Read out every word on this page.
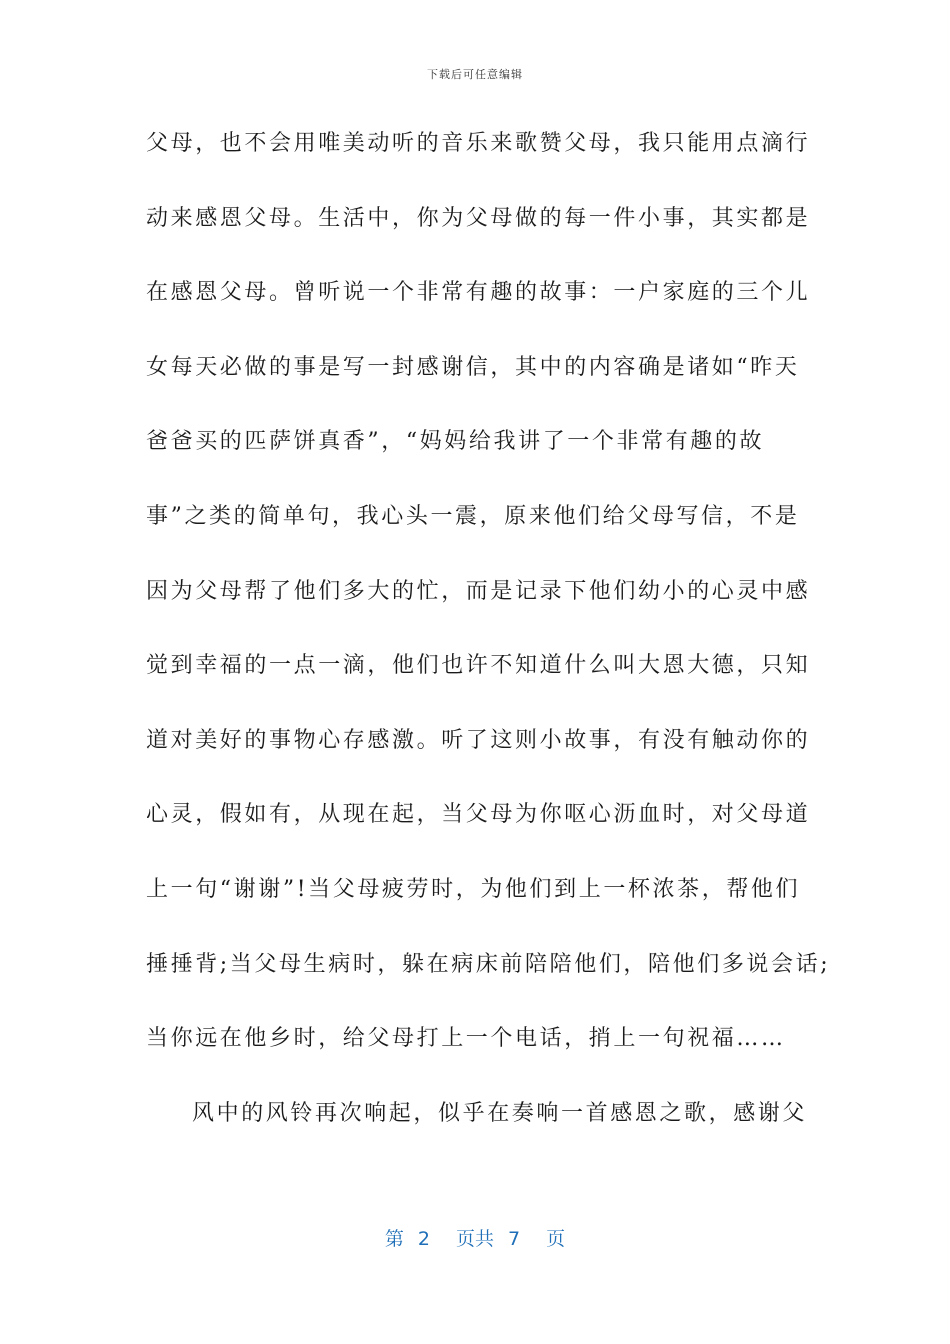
下载后可任意编辑
父母，也不会用唯美动听的音乐来歌赞父母，我只能用点滴行
动来感恩父母。生活中，你为父母做的每一件小事，其实都是
在感恩父母。曾听说一个非常有趣的故事：一户家庭的三个儿
女每天必做的事是写一封感谢信，其中的内容确是诸如“昨天
爸爸买的匹萨饼真香”，“妈妈给我讲了一个非常有趣的故
事”之类的简单句，我心头一震，原来他们给父母写信，不是
因为父母帮了他们多大的忙，而是记录下他们幼小的心灵中感
觉到幸福的一点一滴，他们也许不知道什么叫大恩大德，只知
道对美好的事物心存感激。听了这则小故事，有没有触动你的
心灵，假如有，从现在起，当父母为你呕心沥血时，对父母道
上一句“谢谢”!当父母疲劳时，为他们到上一杯浓茶，帮他们
捶捶背;当父母生病时，躲在病床前陪陪他们，陪他们多说会话;
当你远在他乡时，给父母打上一个电话，捎上一句祝福……
风中的风铃再次响起，似乎在奏响一首感恩之歌，感谢父
第 2 页共 7 页
